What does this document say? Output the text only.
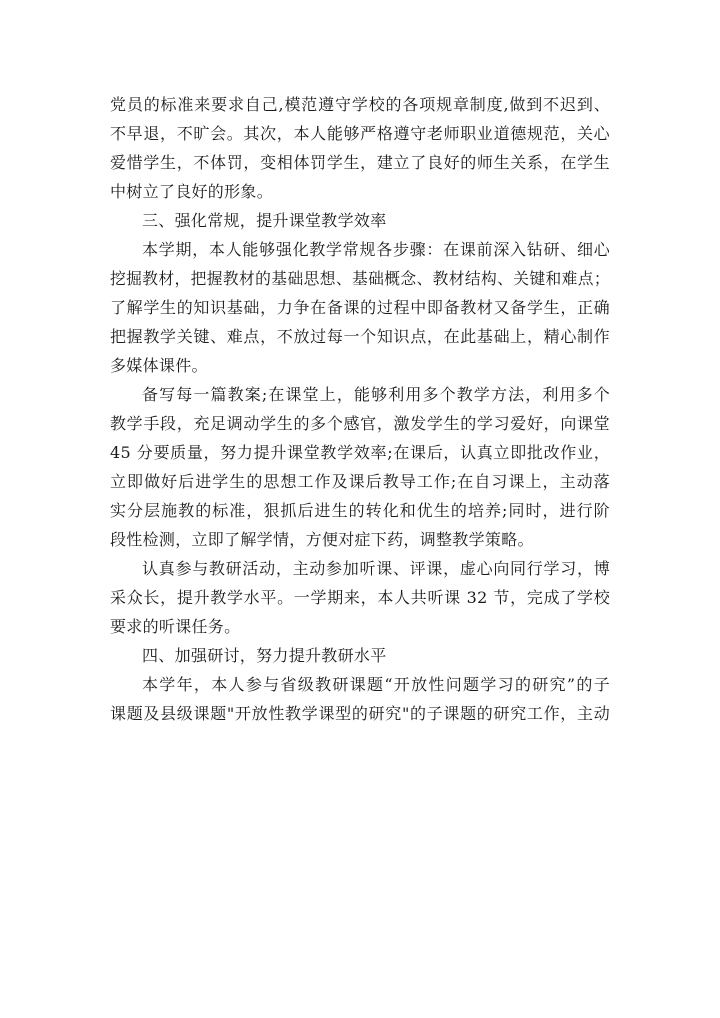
党员的标准来要求自己,模范遵守学校的各项规章制度,做到不迟到、
不早退，不旷会。其次，本人能够严格遵守老师职业道德规范，关心
爱惜学生，不体罚，变相体罚学生，建立了良好的师生关系，在学生
中树立了良好的形象。
三、强化常规，提升课堂教学效率
本学期，本人能够强化教学常规各步骤：在课前深入钻研、细心
挖掘教材，把握教材的基础思想、基础概念、教材结构、关键和难点；
了解学生的知识基础，力争在备课的过程中即备教材又备学生，正确
把握教学关键、难点，不放过每一个知识点，在此基础上，精心制作
多媒体课件。
备写每一篇教案;在课堂上，能够利用多个教学方法，利用多个
教学手段，充足调动学生的多个感官，激发学生的学习爱好，向课堂
45 分要质量，努力提升课堂教学效率;在课后，认真立即批改作业，
立即做好后进学生的思想工作及课后教导工作;在自习课上，主动落
实分层施教的标准，狠抓后进生的转化和优生的培养;同时，进行阶
段性检测，立即了解学情，方便对症下药，调整教学策略。
认真参与教研活动，主动参加听课、评课，虚心向同行学习，博
采众长，提升教学水平。一学期来，本人共听课 32 节，完成了学校
要求的听课任务。
四、加强研讨，努力提升教研水平
本学年，本人参与省级教研课题“开放性问题学习的研究”的子
课题及县级课题"开放性教学课型的研究"的子课题的研究工作，主动
